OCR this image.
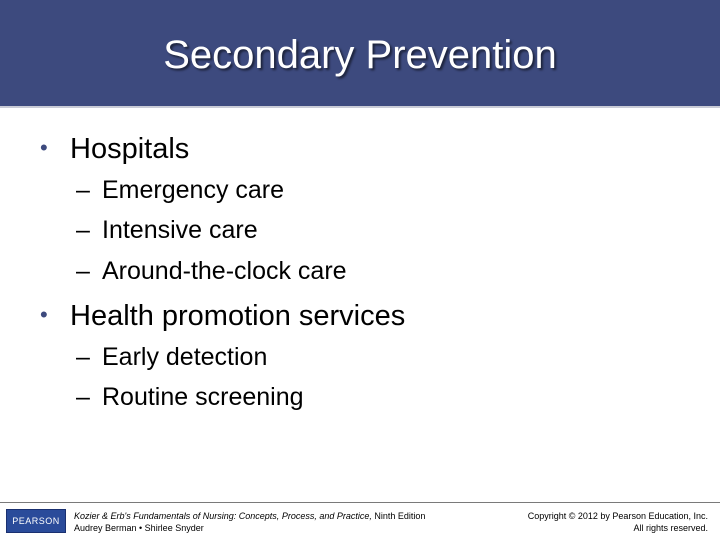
Secondary Prevention
• Hospitals
– Emergency care
– Intensive care
– Around-the-clock care
• Health promotion services
– Early detection
– Routine screening
PEARSON Kozier & Erb's Fundamentals of Nursing: Concepts, Process, and Practice, Ninth Edition
Audrey Berman • Shirlee Snyder
Copyright © 2012 by Pearson Education, Inc.
All rights reserved.
